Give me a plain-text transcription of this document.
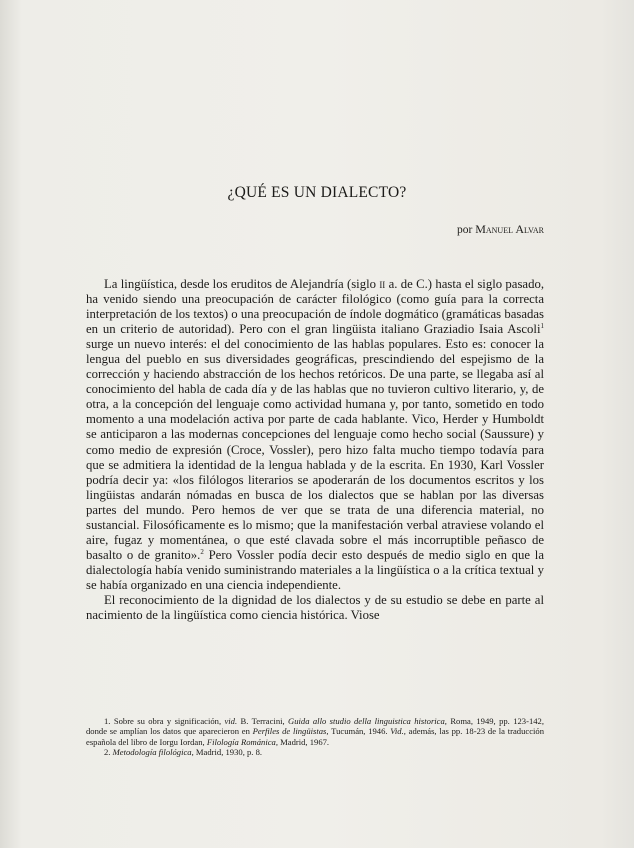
¿QUÉ ES UN DIALECTO?
por Manuel Alvar

La lingüística, desde los eruditos de Alejandría (siglo ii a. de C.) hasta el siglo pasado, ha venido siendo una preocupación de carácter filológico (como guía para la correcta interpretación de los textos) o una preocupación de índole dogmático (gramáticas basadas en un criterio de autoridad). Pero con el gran lingüista italiano Graziadio Isaia Ascoli$^1$ surge un nuevo interés: el del conocimiento de las hablas populares. Esto es: conocer la lengua del pueblo en sus diversidades geográficas, prescindiendo del espejismo de la corrección y haciendo abstracción de los hechos retóricos. De una parte, se llegaba así al conocimiento del habla de cada día y de las hablas que no tuvieron cultivo literario, y, de otra, a la concepción del lenguaje como actividad humana y, por tanto, sometido en todo momento a una modelación activa por parte de cada hablante. Vico, Herder y Humboldt se anticiparon a las modernas concepciones del lenguaje como hecho social (Saussure) y como medio de expresión (Croce, Vossler), pero hizo falta mucho tiempo todavía para que se admitiera la identidad de la lengua hablada y de la escrita. En 1930, Karl Vossler podría decir ya: «los filólogos literarios se apoderarán de los documentos escritos y los lingüistas andarán nómadas en busca de los dialectos que se hablan por las diversas partes del mundo. Pero hemos de ver que se trata de una diferencia material, no sustancial. Filosóficamente es lo mismo; que la manifestación verbal atraviese volando el aire, fugaz y momentánea, o que esté clavada sobre el más incorruptible peñasco de basalto o de granito».$^2$ Pero Vossler podía decir esto después de medio siglo en que la dialectología había venido suministrando materiales a la lingüística o a la crítica textual y se había organizado en una ciencia independiente.

El reconocimiento de la dignidad de los dialectos y de su estudio se debe en parte al nacimiento de la lingüística como ciencia histórica. Viose

1. Sobre su obra y significación, vid. B. Terracini, Guida allo studio della linguistica historica, Roma, 1949, pp. 123-142, donde se amplían los datos que aparecieron en Perfiles de lingüistas, Tucumán, 1946. Vid., además, las pp. 18-23 de la traducción española del libro de Iorgu Iordan, Filología Románica, Madrid, 1967.

2. Metodología filológica, Madrid, 1930, p. 8.
